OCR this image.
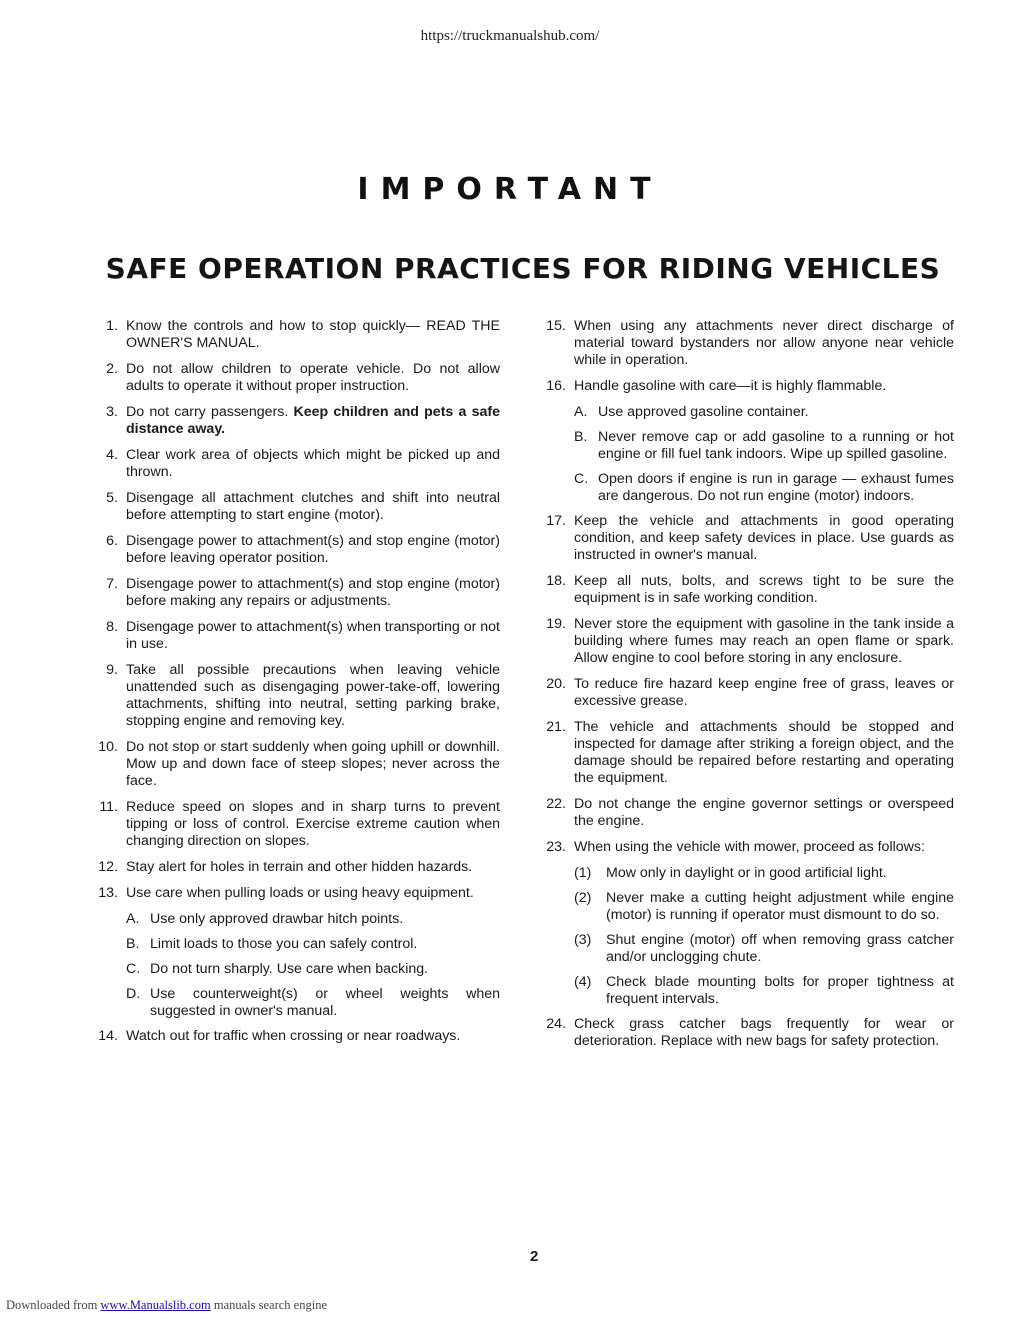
https://truckmanualshub.com/
IMPORTANT
SAFE OPERATION PRACTICES FOR RIDING VEHICLES
1. Know the controls and how to stop quickly— READ THE OWNER'S MANUAL.
2. Do not allow children to operate vehicle. Do not allow adults to operate it without proper instruction.
3. Do not carry passengers. Keep children and pets a safe distance away.
4. Clear work area of objects which might be picked up and thrown.
5. Disengage all attachment clutches and shift into neutral before attempting to start engine (motor).
6. Disengage power to attachment(s) and stop engine (motor) before leaving operator position.
7. Disengage power to attachment(s) and stop engine (motor) before making any repairs or adjustments.
8. Disengage power to attachment(s) when transporting or not in use.
9. Take all possible precautions when leaving vehicle unattended such as disengaging power-take-off, lowering attachments, shifting into neutral, setting parking brake, stopping engine and removing key.
10. Do not stop or start suddenly when going uphill or downhill. Mow up and down face of steep slopes; never across the face.
11. Reduce speed on slopes and in sharp turns to prevent tipping or loss of control. Exercise extreme caution when changing direction on slopes.
12. Stay alert for holes in terrain and other hidden hazards.
13. Use care when pulling loads or using heavy equipment.
A. Use only approved drawbar hitch points.
B. Limit loads to those you can safely control.
C. Do not turn sharply. Use care when backing.
D. Use counterweight(s) or wheel weights when suggested in owner's manual.
14. Watch out for traffic when crossing or near roadways.
15. When using any attachments never direct discharge of material toward bystanders nor allow anyone near vehicle while in operation.
16. Handle gasoline with care—it is highly flammable.
A. Use approved gasoline container.
B. Never remove cap or add gasoline to a running or hot engine or fill fuel tank indoors. Wipe up spilled gasoline.
C. Open doors if engine is run in garage — exhaust fumes are dangerous. Do not run engine (motor) indoors.
17. Keep the vehicle and attachments in good operating condition, and keep safety devices in place. Use guards as instructed in owner's manual.
18. Keep all nuts, bolts, and screws tight to be sure the equipment is in safe working condition.
19. Never store the equipment with gasoline in the tank inside a building where fumes may reach an open flame or spark. Allow engine to cool before storing in any enclosure.
20. To reduce fire hazard keep engine free of grass, leaves or excessive grease.
21. The vehicle and attachments should be stopped and inspected for damage after striking a foreign object, and the damage should be repaired before restarting and operating the equipment.
22. Do not change the engine governor settings or overspeed the engine.
23. When using the vehicle with mower, proceed as follows:
(1)	Mow only in daylight or in good artificial light.
(2)	Never make a cutting height adjustment while engine (motor) is running if operator must dismount to do so.
(3)	Shut engine (motor) off when removing grass catcher and/or unclogging chute.
(4)	Check blade mounting bolts for proper tightness at frequent intervals.
24. Check grass catcher bags frequently for wear or deterioration. Replace with new bags for safety protection.
2
Downloaded from www.Manualslib.com manuals search engine
